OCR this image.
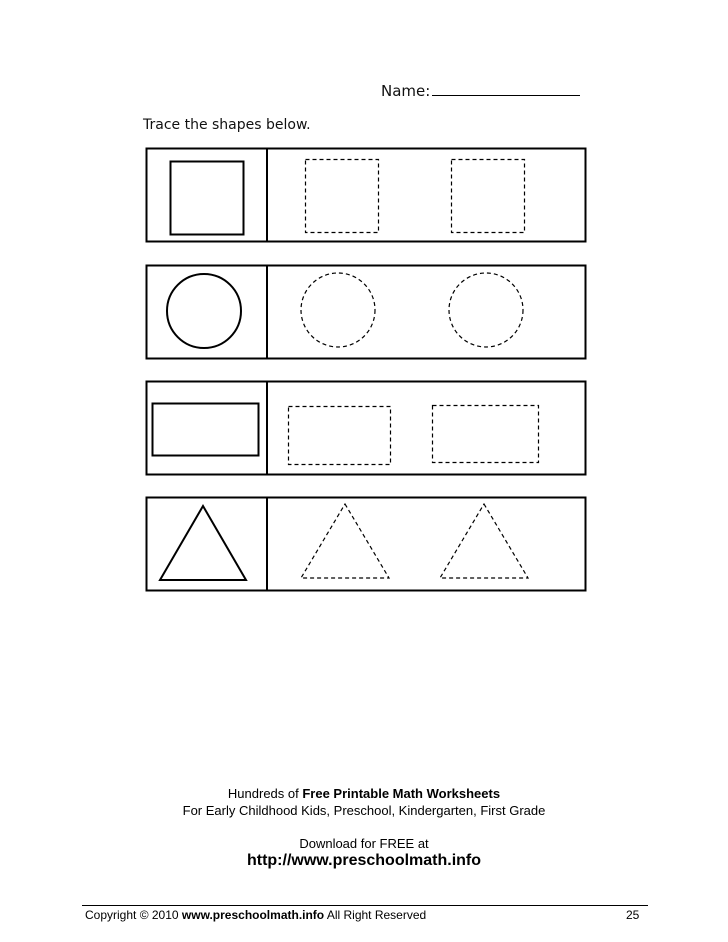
Name:
Trace the shapes below.
Hundreds of Free Printable Math Worksheets
For Early Childhood Kids, Preschool, Kindergarten, First Grade
Download for FREE at
http://www.preschoolmath.info
Copyright © 2010 www.preschoolmath.info All Right Reserved	25
